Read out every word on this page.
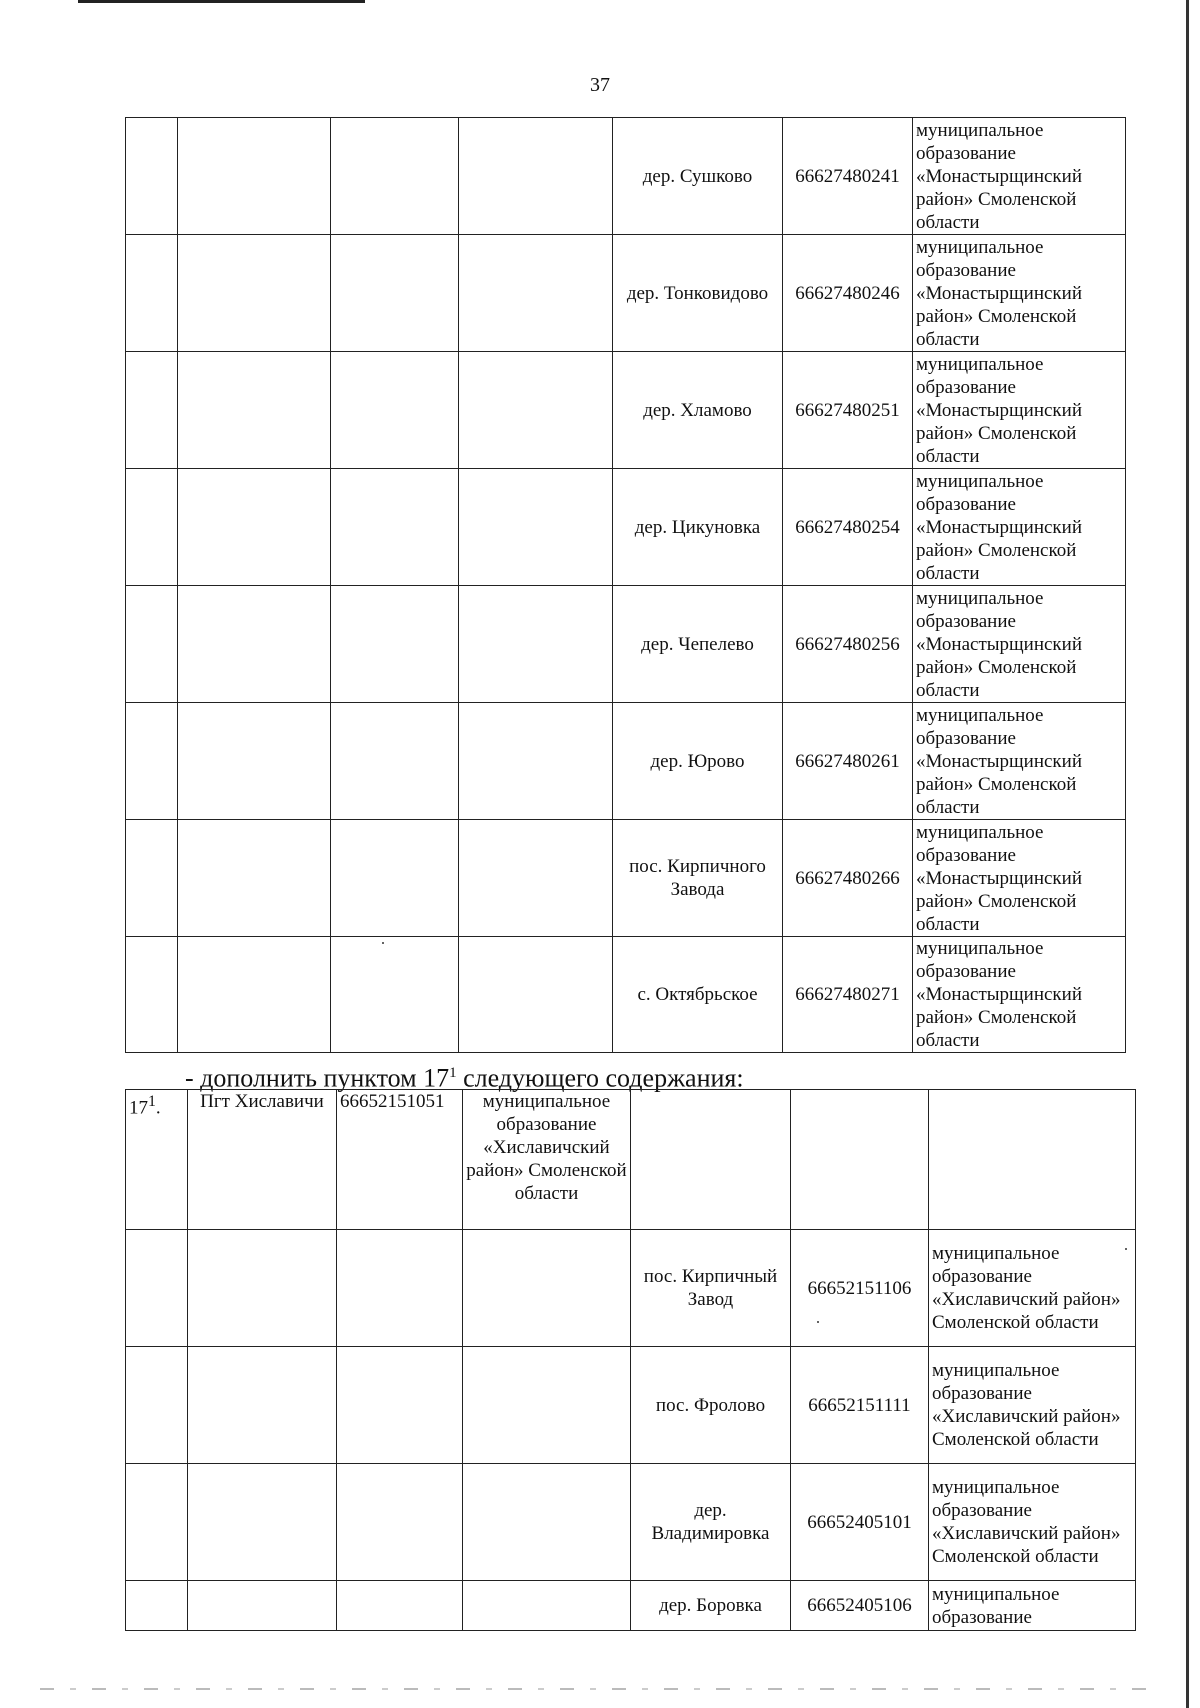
37
				дер. Сушково	66627480241	муниципальное образование «Монастырщинский район» Смоленской области
				дер. Тонковидово	66627480246	муниципальное образование «Монастырщинский район» Смоленской области
				дер. Хламово	66627480251	муниципальное образование «Монастырщинский район» Смоленской области
				дер. Цикуновка	66627480254	муниципальное образование «Монастырщинский район» Смоленской области
				дер. Чепелево	66627480256	муниципальное образование «Монастырщинский район» Смоленской области
				дер. Юрово	66627480261	муниципальное образование «Монастырщинский район» Смоленской области
				пос. Кирпичного Завода	66627480266	муниципальное образование «Монастырщинский район» Смоленской области
				с. Октябрьское	66627480271	муниципальное образование «Монастырщинский район» Смоленской области
- дополнить пунктом $17^1$ следующего содержания:
$17^1$.	Пгт Хиславичи	66652151051	муниципальное образование «Хиславичский район» Смоленской области			
				пос. Кирпичный Завод	66652151106	муниципальное образование «Хиславичский район» Смоленской области
				пос. Фролово	66652151111	муниципальное образование «Хиславичский район» Смоленской области
				дер. Владимировка	66652405101	муниципальное образование «Хиславичский район» Смоленской области
				дер. Боровка	66652405106	муниципальное образование
